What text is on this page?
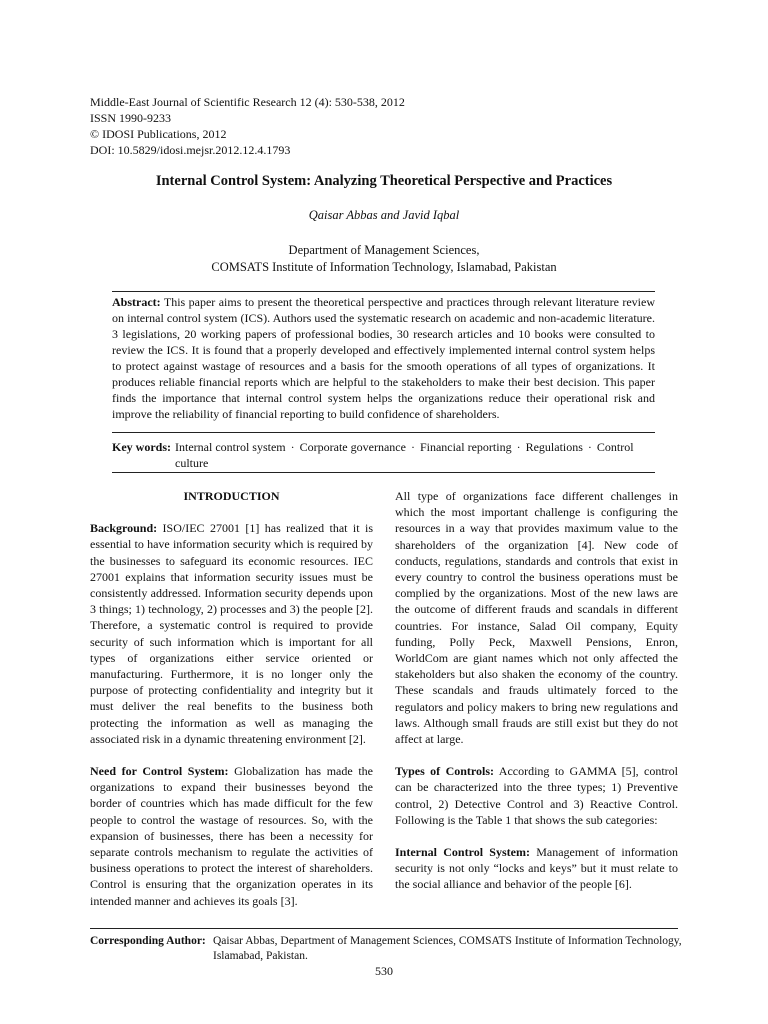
Middle-East Journal of Scientific Research 12 (4): 530-538, 2012
ISSN 1990-9233
© IDOSI Publications, 2012
DOI: 10.5829/idosi.mejsr.2012.12.4.1793
Internal Control System: Analyzing Theoretical Perspective and Practices
Qaisar Abbas and Javid Iqbal
Department of Management Sciences,
COMSATS Institute of Information Technology, Islamabad, Pakistan
Abstract: This paper aims to present the theoretical perspective and practices through relevant literature review on internal control system (ICS). Authors used the systematic research on academic and non-academic literature. 3 legislations, 20 working papers of professional bodies, 30 research articles and 10 books were consulted to review the ICS. It is found that a properly developed and effectively implemented internal control system helps to protect against wastage of resources and a basis for the smooth operations of all types of organizations. It produces reliable financial reports which are helpful to the stakeholders to make their best decision. This paper finds the importance that internal control system helps the organizations reduce their operational risk and improve the reliability of financial reporting to build confidence of shareholders.
Key words: Internal control system · Corporate governance · Financial reporting · Regulations · Control culture
INTRODUCTION

Background: ISO/IEC 27001 [1] has realized that it is essential to have information security which is required by the businesses to safeguard its economic resources. IEC 27001 explains that information security issues must be consistently addressed. Information security depends upon 3 things; 1) technology, 2) processes and 3) the people [2]. Therefore, a systematic control is required to provide security of such information which is important for all types of organizations either service oriented or manufacturing. Furthermore, it is no longer only the purpose of protecting confidentiality and integrity but it must deliver the real benefits to the business both protecting the information as well as managing the associated risk in a dynamic threatening environment [2].

Need for Control System: Globalization has made the organizations to expand their businesses beyond the border of countries which has made difficult for the few people to control the wastage of resources. So, with the expansion of businesses, there has been a necessity for separate controls mechanism to regulate the activities of business operations to protect the interest of shareholders. Control is ensuring that the organization operates in its intended manner and achieves its goals [3].

All type of organizations face different challenges in which the most important challenge is configuring the resources in a way that provides maximum value to the shareholders of the organization [4]. New code of conducts, regulations, standards and controls that exist in every country to control the business operations must be complied by the organizations. Most of the new laws are the outcome of different frauds and scandals in different countries. For instance, Salad Oil company, Equity funding, Polly Peck, Maxwell Pensions, Enron, WorldCom are giant names which not only affected the stakeholders but also shaken the economy of the country. These scandals and frauds ultimately forced to the regulators and policy makers to bring new regulations and laws. Although small frauds are still exist but they do not affect at large.

Types of Controls: According to GAMMA [5], control can be characterized into the three types; 1) Preventive control, 2) Detective Control and 3) Reactive Control. Following is the Table 1 that shows the sub categories:

Internal Control System: Management of information security is not only “locks and keys” but it must relate to the social alliance and behavior of the people [6].

Corresponding Author: Qaisar Abbas, Department of Management Sciences, COMSATS Institute of Information Technology, Islamabad, Pakistan.
530
